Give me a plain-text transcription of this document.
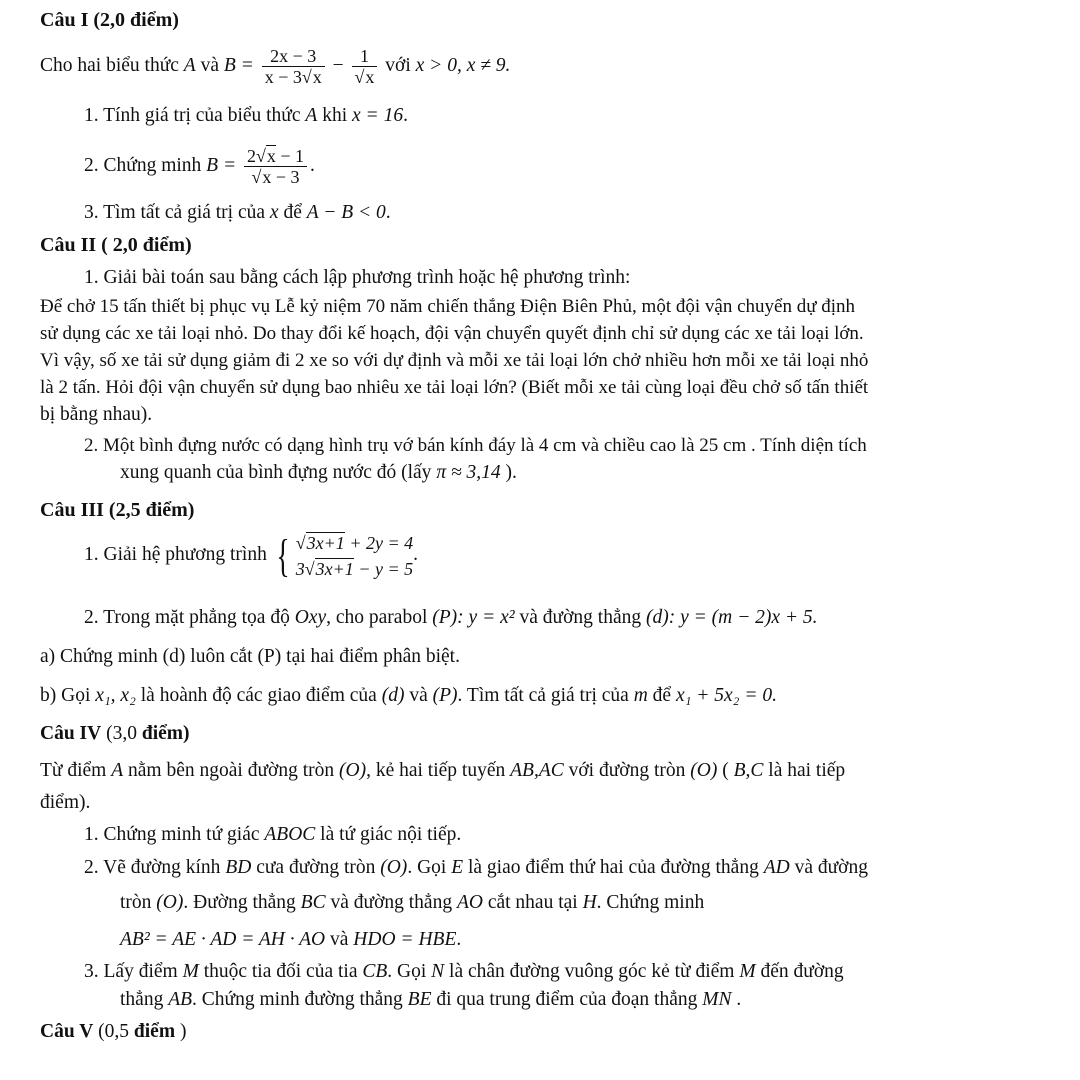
Câu I (2,0 điểm)
Cho hai biểu thức A và $B = \frac{2x - 3}{x - 3√x} - \frac{1}{√x}$ với x > 0, x ≠ 9.
1. Tính giá trị của biểu thức A khi x = 16.
2. Chứng minh $B = \frac{2√x - 1}{√x - 3}$ .
3. Tìm tất cả giá trị của x để A − B < 0.
Câu II ( 2,0 điểm)
1. Giải bài toán sau bằng cách lập phương trình hoặc hệ phương trình:
Để chở 15 tấn thiết bị phục vụ Lễ kỷ niệm 70 năm chiến thắng Điện Biên Phủ, một đội vận chuyển dự định
sử dụng các xe tải loại nhỏ. Do thay đổi kế hoạch, đội vận chuyển quyết định chỉ sử dụng các xe tải loại lớn.
Vì vậy, số xe tải sử dụng giảm đi 2 xe so với dự định và mỗi xe tải loại lớn chở nhiều hơn mỗi xe tải loại nhỏ
là 2 tấn. Hỏi đội vận chuyển sử dụng bao nhiêu xe tải loại lớn? (Biết mỗi xe tải cùng loại đều chở số tấn thiết
bị bằng nhau).
2. Một bình đựng nước có dạng hình trụ vớ bán kính đáy là 4 cm và chiều cao là 25 cm . Tính diện tích
xung quanh của bình đựng nước đó (lấy π ≈ 3,14 ).
Câu III (2,5 điểm)
1. Giải hệ phương trình {√3x+1 + 2y = 4
3√3x+1 − y = 5.
2. Trong mặt phẳng tọa độ Oxy, cho parabol (P): y = x² và đường thẳng (d): y = (m − 2)x + 5.
a) Chứng minh (d) luôn cắt (P) tại hai điểm phân biệt.
b) Gọi x₁, x₂ là hoành độ các giao điểm của (d) và (P). Tìm tất cả giá trị của m để x₁ + 5x₂ = 0.
Câu IV (3,0 điểm)
Từ điểm A nằm bên ngoài đường tròn (O), kẻ hai tiếp tuyến AB,AC với đường tròn (O) ( B,C là hai tiếp
điểm).
1. Chứng minh tứ giác ABOC là tứ giác nội tiếp.
2. Vẽ đường kính BD cưa đường tròn (O). Gọi E là giao điểm thứ hai của đường thẳng AD và đường
tròn (O). Đường thẳng BC và đường thẳng AO cắt nhau tại H. Chứng minh
AB² = AE · AD = AH · AO và HDO = HBE.
3. Lấy điểm M thuộc tia đối của tia CB. Gọi N là chân đường vuông góc kẻ từ điểm M đến đường
thẳng AB. Chứng minh đường thẳng BE đi qua trung điểm của đoạn thẳng MN .
Câu V (0,5 điểm )
